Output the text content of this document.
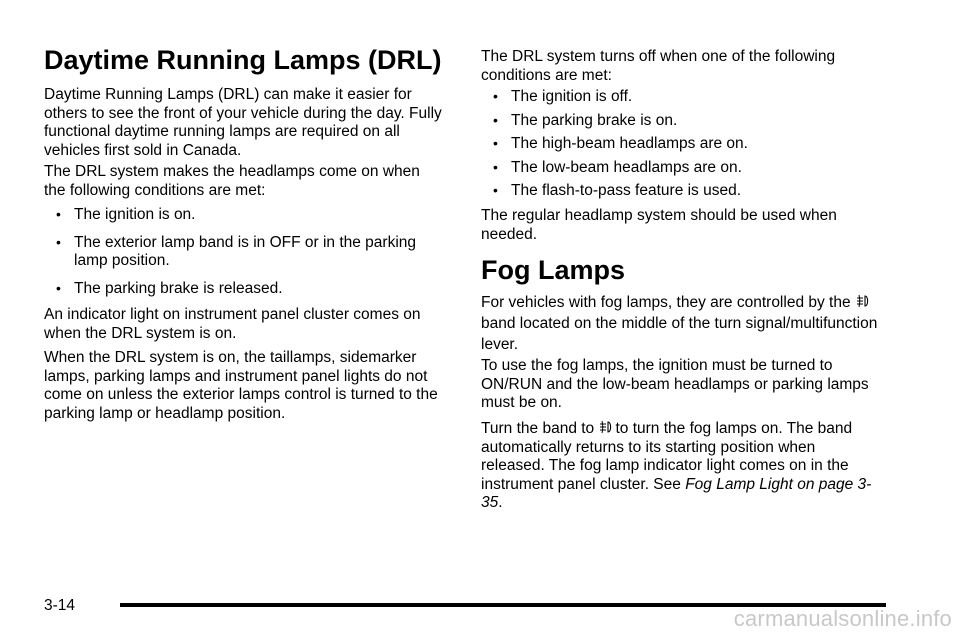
Daytime Running Lamps (DRL)

Daytime Running Lamps (DRL) can make it easier for others to see the front of your vehicle during the day. Fully functional daytime running lamps are required on all vehicles first sold in Canada.

The DRL system makes the headlamps come on when the following conditions are met:

• The ignition is on.
• The exterior lamp band is in OFF or in the parking lamp position.
• The parking brake is released.

An indicator light on instrument panel cluster comes on when the DRL system is on.

When the DRL system is on, the taillamps, sidemarker lamps, parking lamps and instrument panel lights do not come on unless the exterior lamps control is turned to the parking lamp or headlamp position.

The DRL system turns off when one of the following conditions are met:

• The ignition is off.
• The parking brake is on.
• The high-beam headlamps are on.
• The low-beam headlamps are on.
• The flash-to-pass feature is used.

The regular headlamp system should be used when needed.

Fog Lamps

For vehicles with fog lamps, they are controlled by the band located on the middle of the turn signal/multifunction lever.

To use the fog lamps, the ignition must be turned to ON/RUN and the low-beam headlamps or parking lamps must be on.

Turn the band to to turn the fog lamps on. The band automatically returns to its starting position when released. The fog lamp indicator light comes on in the instrument panel cluster. See Fog Lamp Light on page 3-35.

3-14
carmanualsonline.info
